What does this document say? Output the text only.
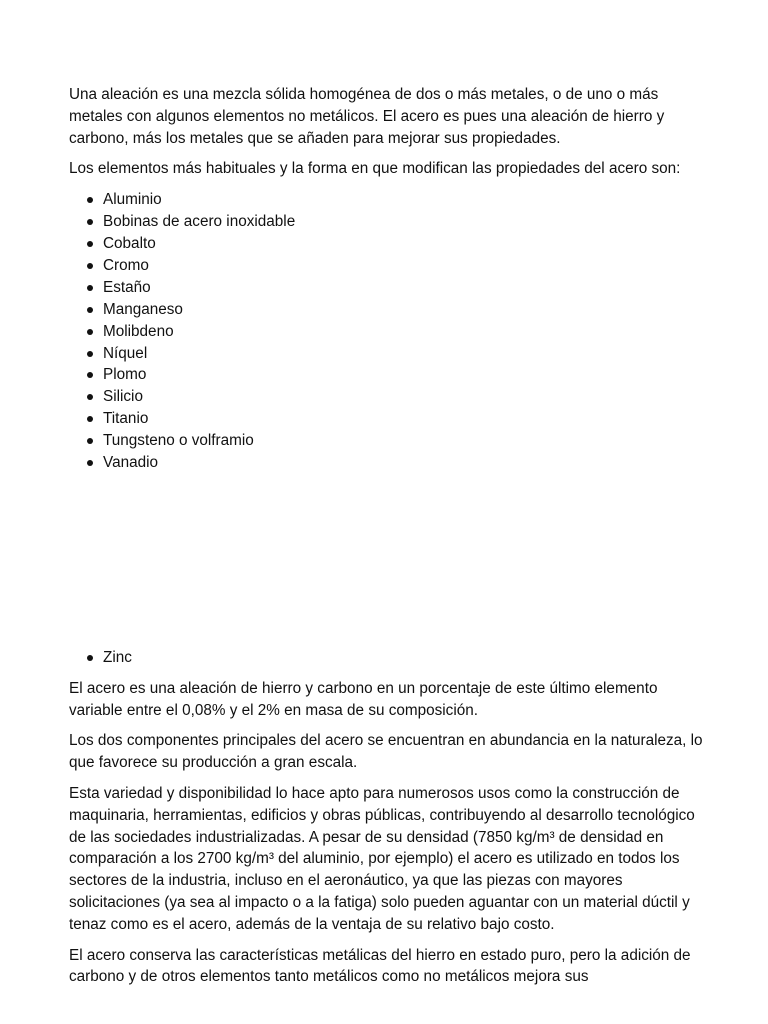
Una aleación es una mezcla sólida homogénea de dos o más metales, o de uno o más metales con algunos elementos no metálicos. El acero es pues una aleación de hierro y carbono, más los metales que se añaden para mejorar sus propiedades.

Los elementos más habituales y la forma en que modifican las propiedades del acero son:

Aluminio
Bobinas de acero inoxidable
Cobalto
Cromo
Estaño
Manganeso
Molibdeno
Níquel
Plomo
Silicio
Titanio
Tungsteno o volframio
Vanadio
Zinc

El acero es una aleación de hierro y carbono en un porcentaje de este último elemento variable entre el 0,08% y el 2% en masa de su composición.

Los dos componentes principales del acero se encuentran en abundancia en la naturaleza, lo que favorece su producción a gran escala.

Esta variedad y disponibilidad lo hace apto para numerosos usos como la construcción de maquinaria, herramientas, edificios y obras públicas, contribuyendo al desarrollo tecnológico de las sociedades industrializadas. A pesar de su densidad (7850 kg/m³ de densidad en comparación a los 2700 kg/m³ del aluminio, por ejemplo) el acero es utilizado en todos los sectores de la industria, incluso en el aeronáutico, ya que las piezas con mayores solicitaciones (ya sea al impacto o a la fatiga) solo pueden aguantar con un material dúctil y tenaz como es el acero, además de la ventaja de su relativo bajo costo.

El acero conserva las características metálicas del hierro en estado puro, pero la adición de carbono y de otros elementos tanto metálicos como no metálicos mejora sus
